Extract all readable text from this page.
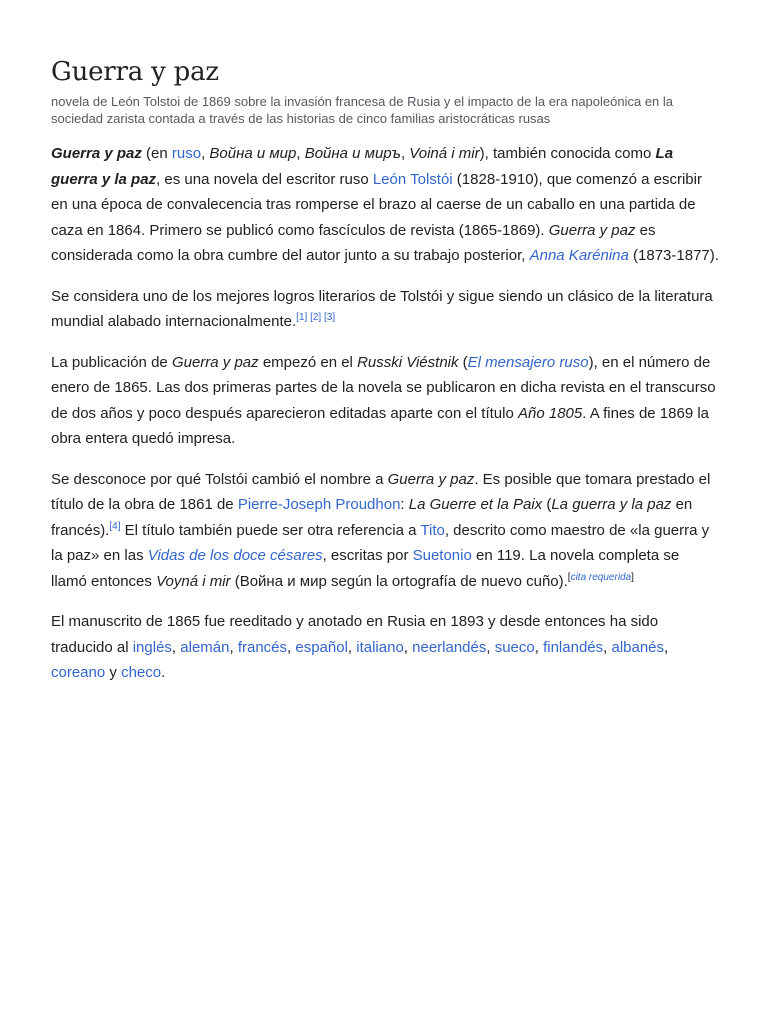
Guerra y paz
novela de León Tolstoi de 1869 sobre la invasión francesa de Rusia y el impacto de la era napoleónica en la sociedad zarista contada a través de las historias de cinco familias aristocráticas rusas

Guerra y paz (en ruso, Война и мир, Война и миръ, Voiná i mir), también conocida como La guerra y la paz, es una novela del escritor ruso León Tolstói (1828-1910), que comenzó a escribir en una época de convalecencia tras romperse el brazo al caerse de un caballo en una partida de caza en 1864. Primero se publicó como fascículos de revista (1865-1869). Guerra y paz es considerada como la obra cumbre del autor junto a su trabajo posterior, Anna Karénina (1873-1877).

Se considera uno de los mejores logros literarios de Tolstói y sigue siendo un clásico de la literatura mundial alabado internacionalmente.[1] [2] [3]

La publicación de Guerra y paz empezó en el Russki Viéstnik (El mensajero ruso), en el número de enero de 1865. Las dos primeras partes de la novela se publicaron en dicha revista en el transcurso de dos años y poco después aparecieron editadas aparte con el título Año 1805. A fines de 1869 la obra entera quedó impresa.

Se desconoce por qué Tolstói cambió el nombre a Guerra y paz. Es posible que tomara prestado el título de la obra de 1861 de Pierre-Joseph Proudhon: La Guerre et la Paix (La guerra y la paz en francés).[4] El título también puede ser otra referencia a Tito, descrito como maestro de «la guerra y la paz» en las Vidas de los doce césares, escritas por Suetonio en 119. La novela completa se llamó entonces Voyná i mir (Война и мир según la ortografía de nuevo cuño).[cita requerida]

El manuscrito de 1865 fue reeditado y anotado en Rusia en 1893 y desde entonces ha sido traducido al inglés, alemán, francés, español, italiano, neerlandés, sueco, finlandés, albanés, coreano y checo.
